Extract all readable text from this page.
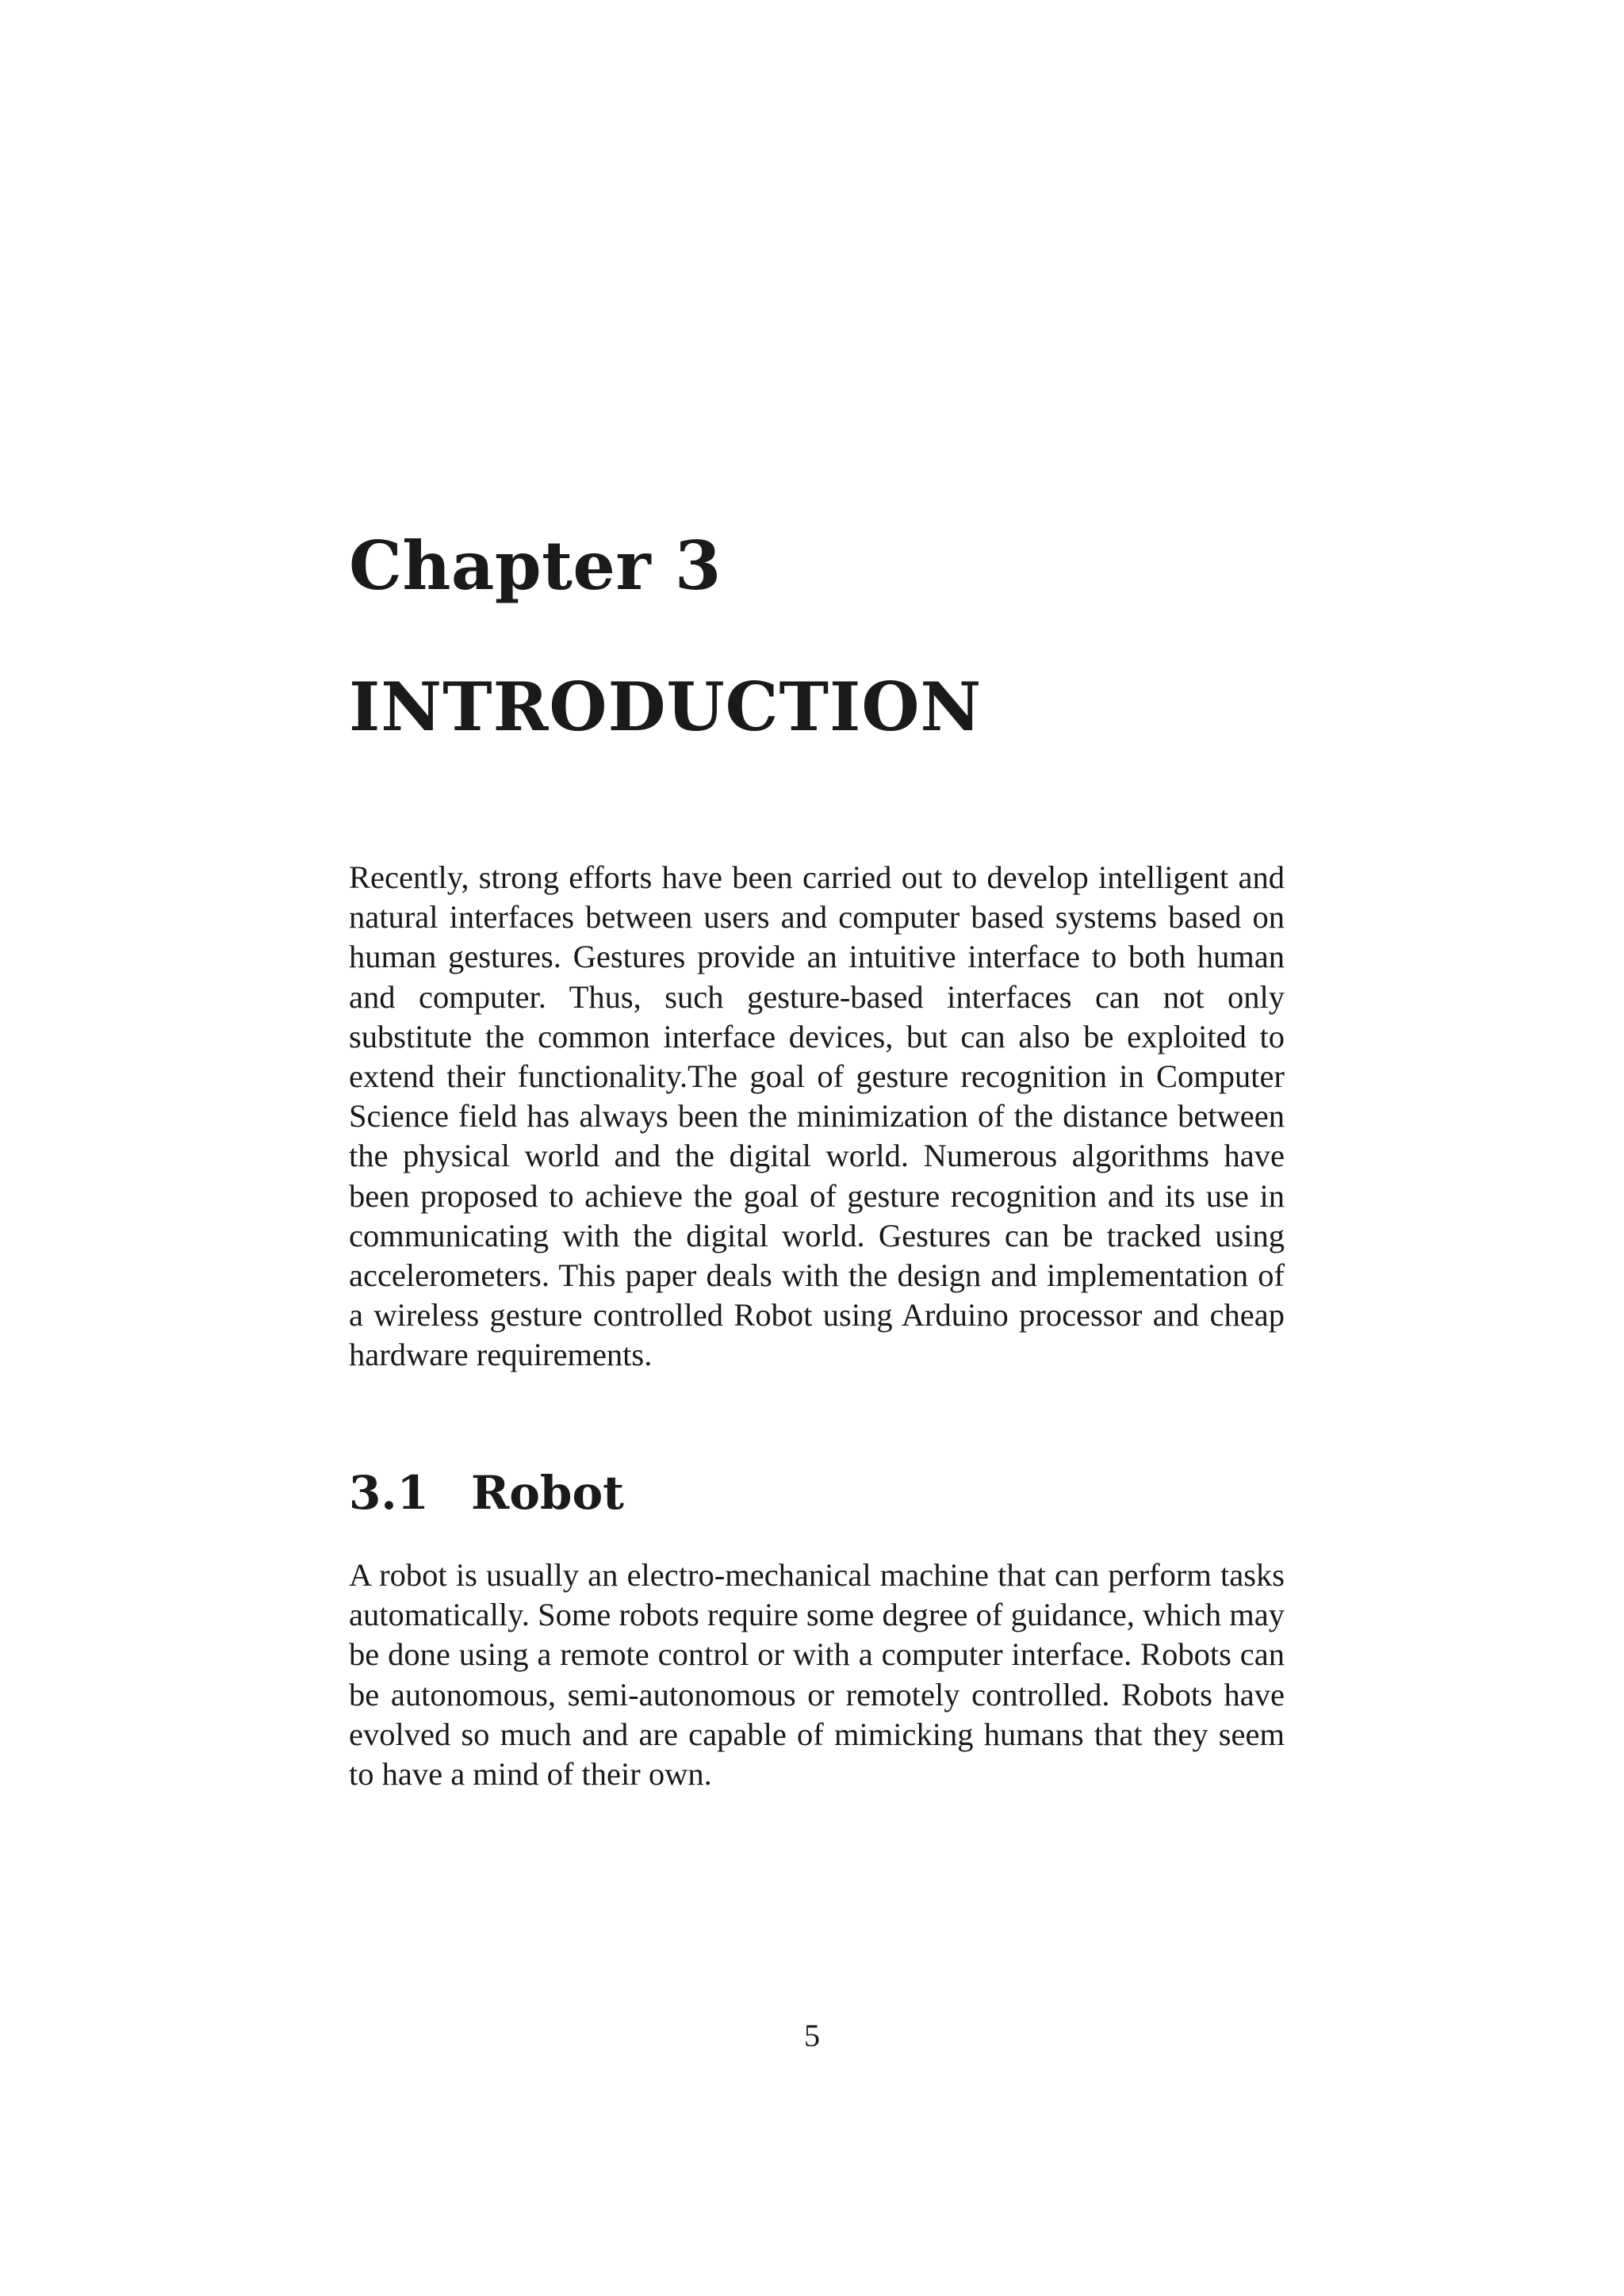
Chapter 3
INTRODUCTION

Recently, strong efforts have been carried out to develop intelligent and natural interfaces between users and computer based systems based on human gestures. Gestures provide an intuitive interface to both human and computer. Thus, such gesture-based interfaces can not only substitute the common interface devices, but can also be exploited to extend their functionality.The goal of gesture recognition in Computer Science field has always been the minimization of the distance between the physical world and the digital world. Numerous algorithms have been proposed to achieve the goal of gesture recognition and its use in communicating with the digital world. Gestures can be tracked using accelerometers. This paper deals with the design and implementation of a wireless gesture controlled Robot using Arduino processor and cheap hardware requirements.

3.1 Robot

A robot is usually an electro-mechanical machine that can perform tasks automatically. Some robots require some degree of guidance, which may be done using a remote control or with a computer interface. Robots can be autonomous, semi-autonomous or remotely controlled. Robots have evolved so much and are capable of mimicking humans that they seem to have a mind of their own.

5
